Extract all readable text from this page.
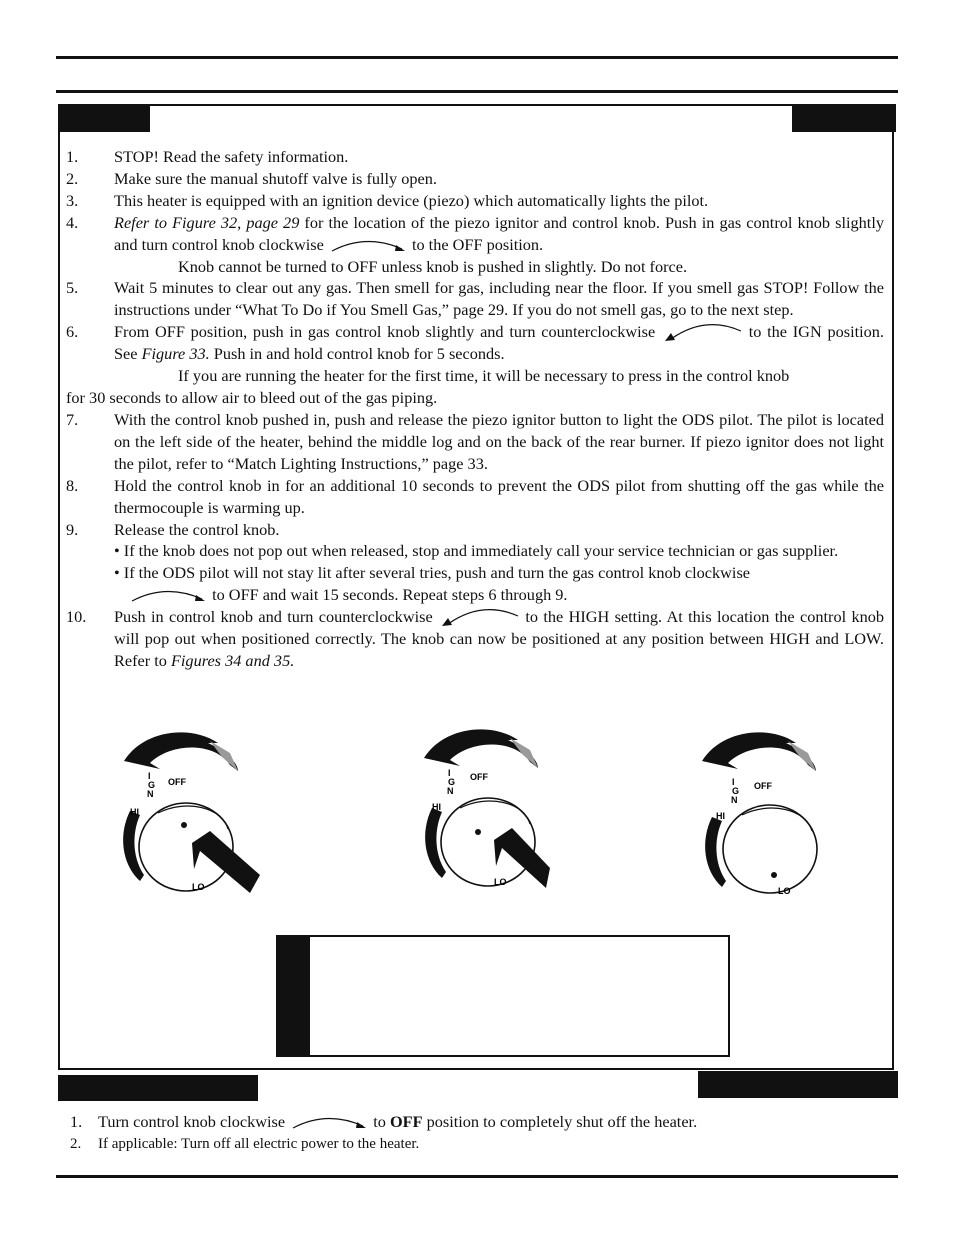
1.	STOP! Read the safety information.
2.	Make sure the manual shutoff valve is fully open.
3.	This heater is equipped with an ignition device (piezo) which automatically lights the pilot.
4.	Refer to Figure 32, page 29 for the location of the piezo ignitor and control knob. Push in gas control knob slightly and turn control knob clockwise	to the OFF position.
Knob cannot be turned to OFF unless knob is pushed in slightly. Do not force.
5.	Wait 5 minutes to clear out any gas. Then smell for gas, including near the floor. If you smell gas STOP! Follow the instructions under “What To Do if You Smell Gas,” page 29. If you do not smell gas, go to the next step.
6.	From OFF position, push in gas control knob slightly and turn counterclockwise	to the IGN position. See Figure 33. Push in and hold control knob for 5 seconds.
If you are running the heater for the first time, it will be necessary to press in the control knob
for 30 seconds to allow air to bleed out of the gas piping.
7.	With the control knob pushed in, push and release the piezo ignitor button to light the ODS pilot. The pilot is located on the left side of the heater, behind the middle log and on the back of the rear burner. If piezo ignitor does not light the pilot, refer to “Match Lighting Instructions,” page 33.
8.	Hold the control knob in for an additional 10 seconds to prevent the ODS pilot from shutting off the gas while the thermocouple is warming up.
9.	Release the control knob.
• If the knob does not pop out when released, stop and immediately call your service technician or gas supplier.
• If the ODS pilot will not stay lit after several tries, push and turn the gas control knob clockwise
to OFF and wait 15 seconds. Repeat steps 6 through 9.
10.	Push in control knob and turn counterclockwise	to the HIGH setting. At this location the control knob will pop out when positioned correctly. The knob can now be positioned at any position between HIGH and LOW. Refer to Figures 34 and 35.
I
G
N
OFF
HI
LO
I
G
N
OFF
HI
LO
I
G
N
OFF
HI
LO
1. Turn control knob clockwise	to OFF position to completely shut off the heater.
2.	If applicable: Turn off all electric power to the heater.
